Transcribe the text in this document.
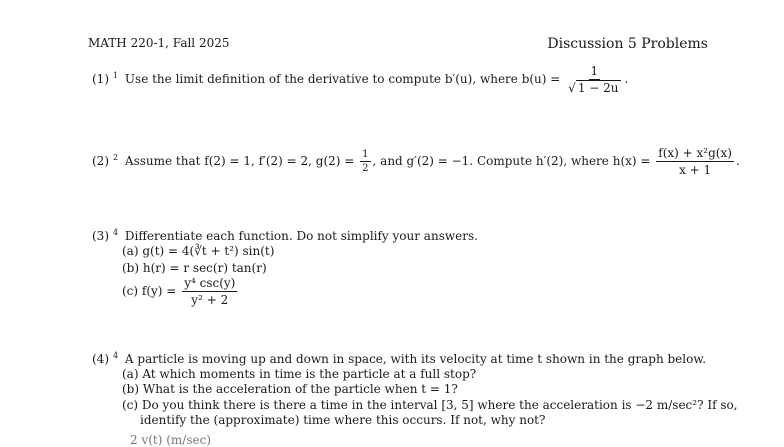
MATH 220-1, Fall 2025	Discussion 5 Problems
(1) $^1$ Use the limit definition of the derivative to compute b′(u), where $b(u) = \frac{1}{√ 1 - 2u}$ .
(2) $^2$ Assume that f(2) = 1, f′(2) = 2, $g(2) = \frac{1}{2}$ , and g′(2) = −1. Compute h′(2), where $h(x) = \frac{\text{f(x) + x²g(x)}}{x + 1}$ .
(3) $^4$ Differentiate each function. Do not simplify your answers.
(a) g(t) = 4(∛t + t²) sin(t)
(b) h(r) = r sec(r) tan(r)
(c) $f(y) = \frac{\text{y⁴ csc(y)}}{\text{y² + 2}}$
(4) $^4$ A particle is moving up and down in space, with its velocity at time t shown in the graph below.
(a) At which moments in time is the particle at a full stop?
(b) What is the acceleration of the particle when t = 1?
(c) Do you think there is there a time in the interval [3, 5] where the acceleration is −2 m/sec²? If so,
identify the (approximate) time where this occurs. If not, why not?
2 v(t) (m/sec)
